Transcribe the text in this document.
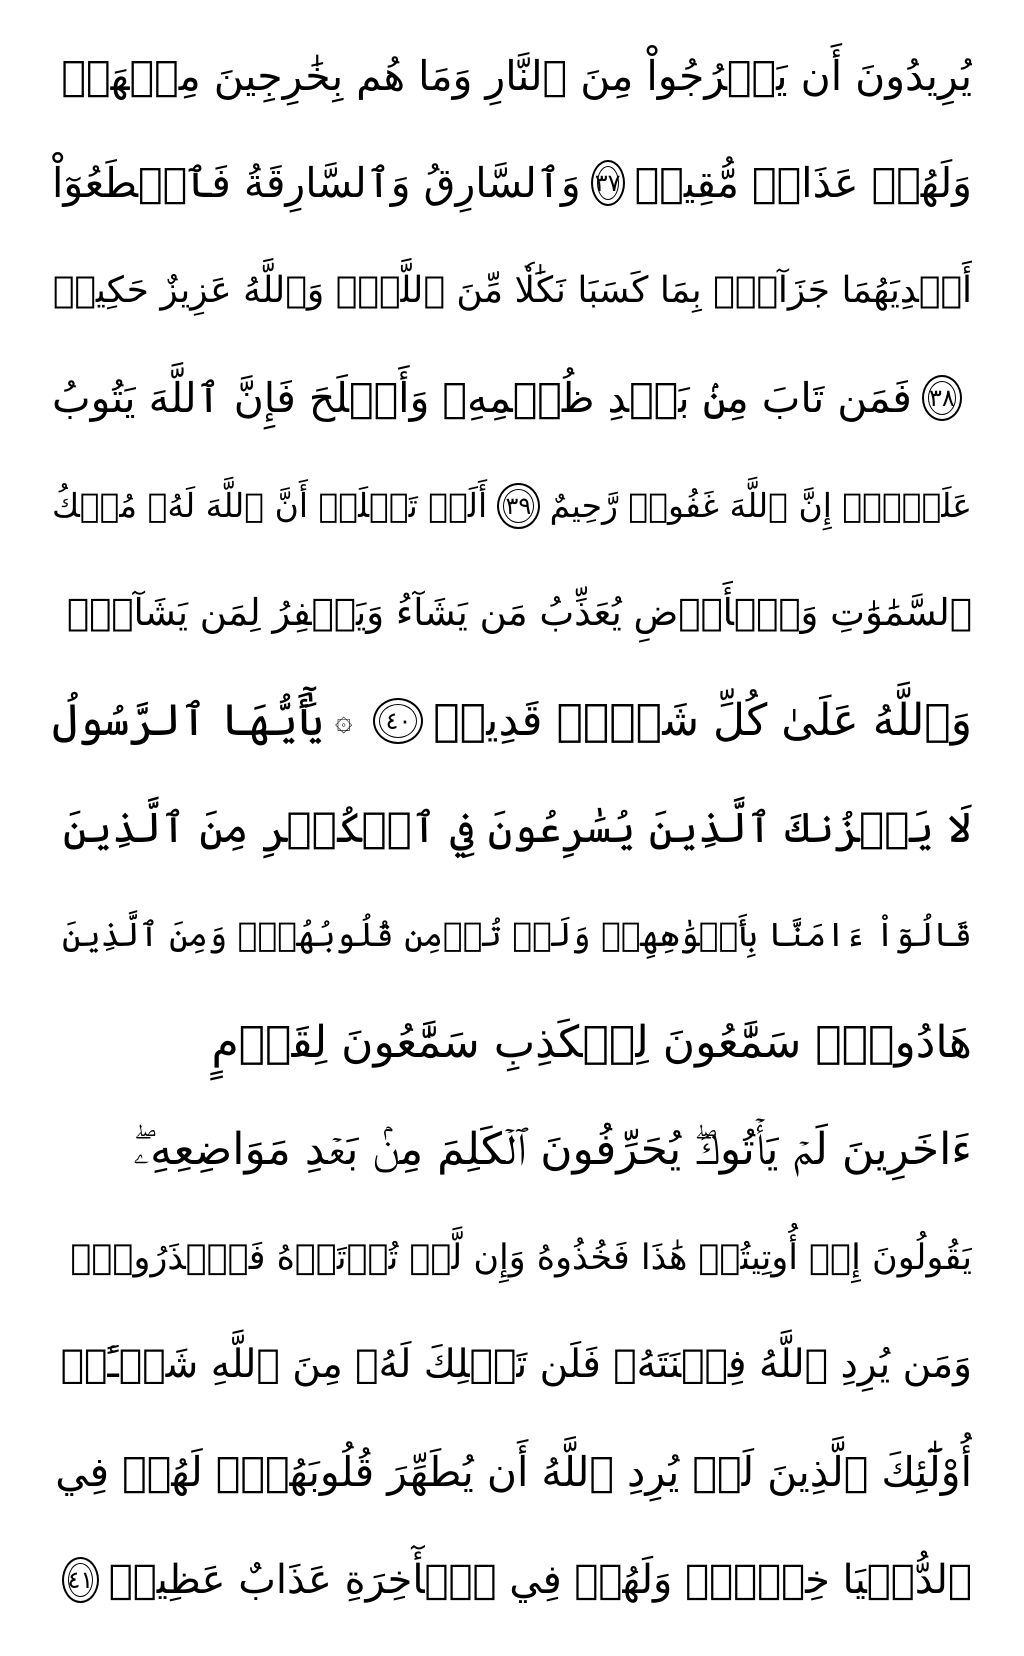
يُرِيدُونَ أَن يَخۡرُجُواْ مِنَ ٱلنَّارِ وَمَا هُم بِخَٰرِجِينَ مِنۡهَاۖ
وَلَهُمۡ عَذَابٞ مُّقِيمٞ
٣٧
وَٱلسَّارِقُ وَٱلسَّارِقَةُ فَٱقۡطَعُوٓاْ
أَيۡدِيَهُمَا جَزَآءَۢ بِمَا كَسَبَا نَكَٰلٗا مِّنَ ٱللَّهِۗ وَٱللَّهُ عَزِيزٌ حَكِيمٞ
٣٨
فَمَن تَابَ مِنۢ بَعۡدِ ظُلۡمِهِۦ وَأَصۡلَحَ فَإِنَّ ٱللَّهَ يَتُوبُ
عَلَيۡهِۚ إِنَّ ٱللَّهَ غَفُورٞ رَّحِيمٌ
٣٩
أَلَمۡ تَعۡلَمۡ أَنَّ ٱللَّهَ لَهُۥ مُلۡكُ
ٱلسَّمَٰوَٰتِ وَٱلۡأَرۡضِ يُعَذِّبُ مَن يَشَآءُ وَيَغۡفِرُ لِمَن يَشَآءُۗ
وَٱللَّهُ عَلَىٰ كُلِّ شَيۡءٖ قَدِيرٞ
٤٠
۞
يَٰٓأَيُّهَا ٱلرَّسُولُ
لَا يَحۡزُنكَ ٱلَّذِينَ يُسَٰرِعُونَ فِي ٱلۡكُفۡرِ مِنَ ٱلَّذِينَ
قَالُوٓاْ ءَامَنَّا بِأَفۡوَٰهِهِمۡ وَلَمۡ تُؤۡمِن قُلُوبُهُمۡۛ وَمِنَ ٱلَّذِينَ
هَادُواْۛ سَمَّٰعُونَ لِلۡكَذِبِ سَمَّٰعُونَ لِقَوۡمٍ
ءَاخَرِينَ لَمۡ يَأۡتُوكَۖ يُحَرِّفُونَ ٱلۡكَلِمَ مِنۢ بَعۡدِ مَوَاضِعِهِۦۖ
يَقُولُونَ إِنۡ أُوتِيتُمۡ هَٰذَا فَخُذُوهُ وَإِن لَّمۡ تُؤۡتَوۡهُ فَٱحۡذَرُواْۚ
وَمَن يُرِدِ ٱللَّهُ فِتۡنَتَهُۥ فَلَن تَمۡلِكَ لَهُۥ مِنَ ٱللَّهِ شَيۡـًٔاۚ
أُوْلَٰٓئِكَ ٱلَّذِينَ لَمۡ يُرِدِ ٱللَّهُ أَن يُطَهِّرَ قُلُوبَهُمۡۚ لَهُمۡ فِي
ٱلدُّنۡيَا خِزۡيٞۖ وَلَهُمۡ فِي ٱلۡأٓخِرَةِ عَذَابٌ عَظِيمٞ
٤١
